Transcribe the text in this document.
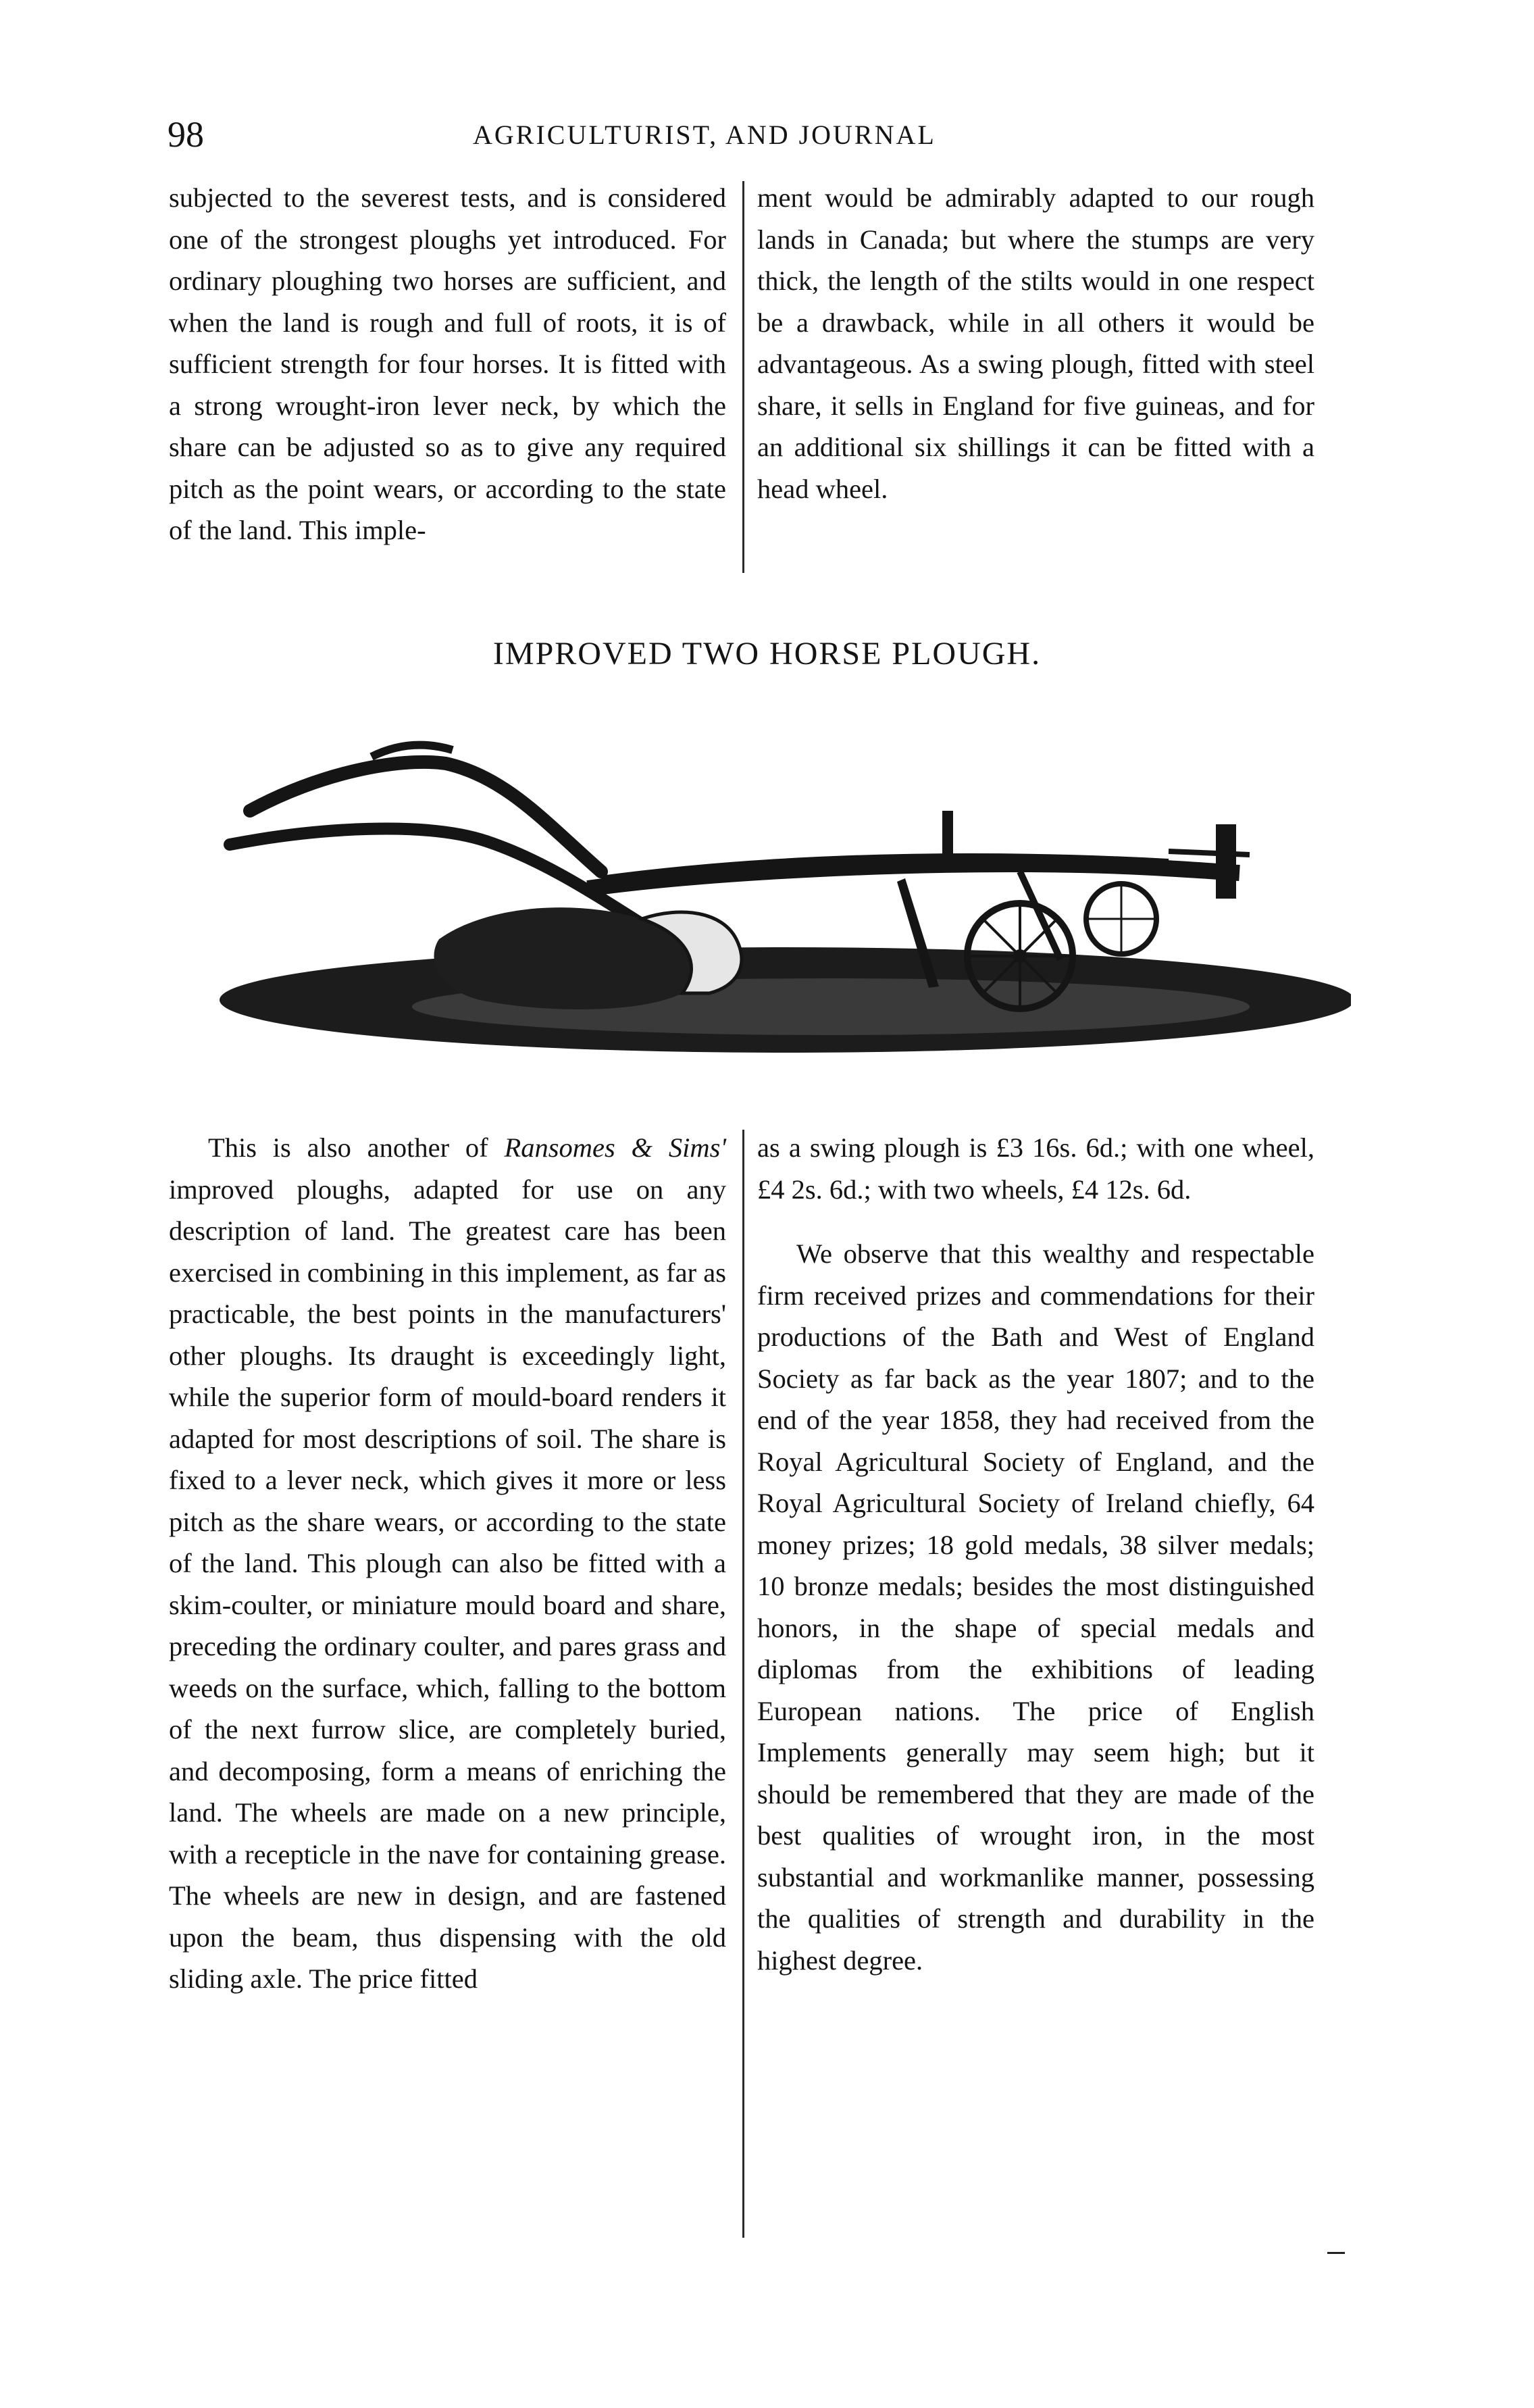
98	AGRICULTURIST, AND JOURNAL

subjected to the severest tests, and is considered one of the strongest ploughs yet introduced. For ordinary ploughing two horses are sufficient, and when the land is rough and full of roots, it is of sufficient strength for four horses. It is fitted with a strong wrought-iron lever neck, by which the share can be adjusted so as to give any required pitch as the point wears, or according to the state of the land. This imple-

ment would be admirably adapted to our rough lands in Canada; but where the stumps are very thick, the length of the stilts would in one respect be a drawback, while in all others it would be advantageous. As a swing plough, fitted with steel share, it sells in England for five guineas, and for an additional six shillings it can be fitted with a head wheel.

IMPROVED TWO HORSE PLOUGH.

This is also another of Ransomes & Sims' improved ploughs, adapted for use on any description of land. The greatest care has been exercised in combining in this implement, as far as practicable, the best points in the manufacturers' other ploughs. Its draught is exceedingly light, while the superior form of mould-board renders it adapted for most descriptions of soil. The share is fixed to a lever neck, which gives it more or less pitch as the share wears, or according to the state of the land. This plough can also be fitted with a skim-coulter, or miniature mould board and share, preceding the ordinary coulter, and pares grass and weeds on the surface, which, falling to the bottom of the next furrow slice, are completely buried, and decomposing, form a means of enriching the land. The wheels are made on a new principle, with a recepticle in the nave for containing grease. The wheels are new in design, and are fastened upon the beam, thus dispensing with the old sliding axle. The price fitted

as a swing plough is £3 16s. 6d.; with one wheel, £4 2s. 6d.; with two wheels, £4 12s. 6d.

We observe that this wealthy and respectable firm received prizes and commendations for their productions of the Bath and West of England Society as far back as the year 1807; and to the end of the year 1858, they had received from the Royal Agricultural Society of England, and the Royal Agricultural Society of Ireland chiefly, 64 money prizes; 18 gold medals, 38 silver medals; 10 bronze medals; besides the most distinguished honors, in the shape of special medals and diplomas from the exhibitions of leading European nations. The price of English Implements generally may seem high; but it should be remembered that they are made of the best qualities of wrought iron, in the most substantial and workmanlike manner, possessing the qualities of strength and durability in the highest degree.
